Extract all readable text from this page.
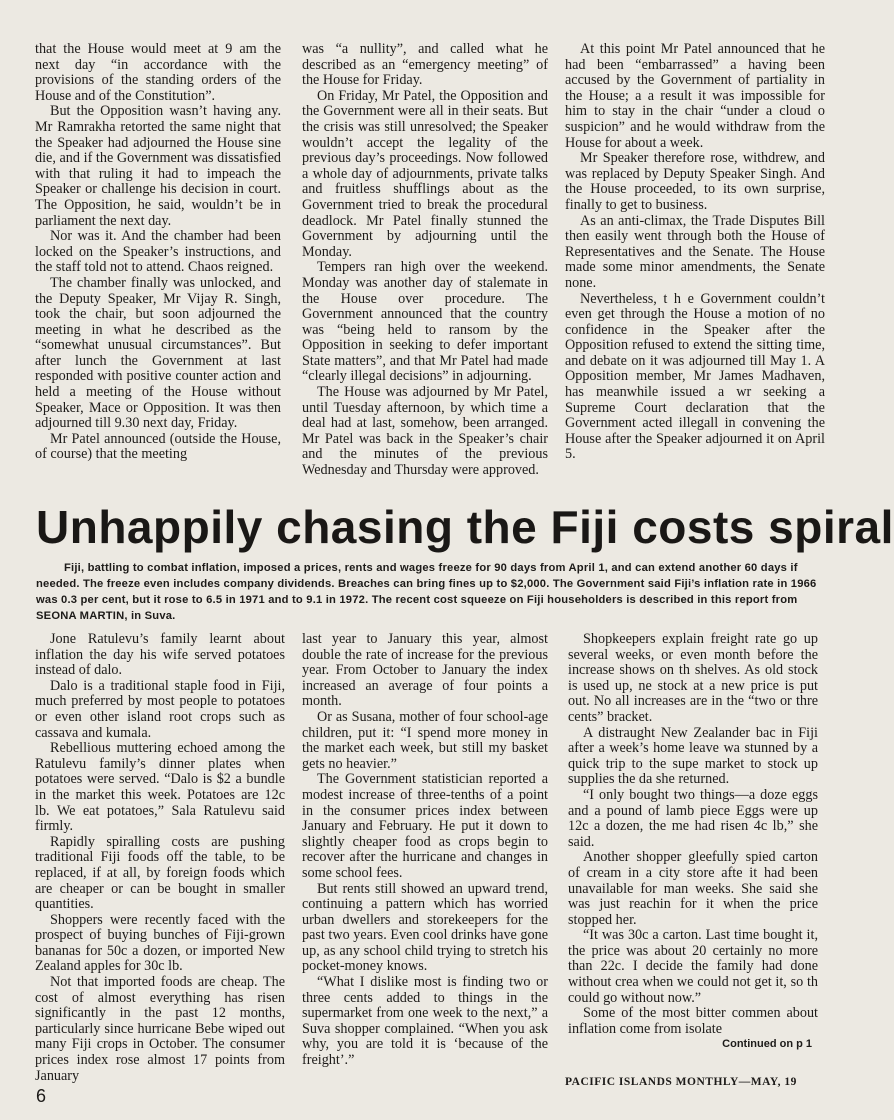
that the House would meet at 9 am the next day “in accordance with the provisions of the standing orders of the House and of the Constitution”.

But the Opposition wasn’t having any. Mr Ramrakha retorted the same night that the Speaker had adjourned the House sine die, and if the Government was dissatisfied with that ruling it had to impeach the Speaker or challenge his decision in court. The Opposition, he said, wouldn’t be in parliament the next day.

Nor was it. And the chamber had been locked on the Speaker’s instructions, and the staff told not to attend. Chaos reigned.

The chamber finally was unlocked, and the Deputy Speaker, Mr Vijay R. Singh, took the chair, but soon adjourned the meeting in what he described as the “somewhat unusual circumstances”. But after lunch the Government at last responded with positive counter action and held a meeting of the House without Speaker, Mace or Opposition. It was then adjourned till 9.30 next day, Friday.

Mr Patel announced (outside the House, of course) that the meeting

was “a nullity”, and called what he described as an “emergency meeting” of the House for Friday.

On Friday, Mr Patel, the Opposition and the Government were all in their seats. But the crisis was still unresolved; the Speaker wouldn’t accept the legality of the previous day’s proceedings. Now followed a whole day of adjournments, private talks and fruitless shufflings about as the Government tried to break the procedural deadlock. Mr Patel finally stunned the Government by adjourning until the Monday.

Tempers ran high over the weekend. Monday was another day of stalemate in the House over procedure. The Government announced that the country was “being held to ransom by the Opposition in seeking to defer important State matters”, and that Mr Patel had made “clearly illegal decisions” in adjourning.

The House was adjourned by Mr Patel, until Tuesday afternoon, by which time a deal had at last, somehow, been arranged. Mr Patel was back in the Speaker’s chair and the minutes of the previous Wednesday and Thursday were approved.

At this point Mr Patel announced that he had been “embarrassed” a having been accused by the Government of partiality in the House; a a result it was impossible for him to stay in the chair “under a cloud o suspicion” and he would withdraw from the House for about a week.

Mr Speaker therefore rose, withdrew, and was replaced by Deputy Speaker Singh. And the House proceeded, to its own surprise, finally to get to business.

As an anti-climax, the Trade Disputes Bill then easily went through both the House of Representatives and the Senate. The House made some minor amendments, the Senate none.

Nevertheless, t h e Government couldn’t even get through the House a motion of no confidence in the Speaker after the Opposition refused to extend the sitting time, and debate on it was adjourned till May 1. A Opposition member, Mr James Madhaven, has meanwhile issued a wr seeking a Supreme Court declaration that the Government acted illegall in convening the House after the Speaker adjourned it on April 5.

Unhappily chasing the Fiji costs spiral

Fiji, battling to combat inflation, imposed a prices, rents and wages freeze for 90 days from April 1, and can extend another 60 days if needed. The freeze even includes company dividends. Breaches can bring fines up to $2,000. The Government said Fiji’s inflation rate in 1966 was 0.3 per cent, but it rose to 6.5 in 1971 and to 9.1 in 1972. The recent cost squeeze on Fiji householders is described in this report from SEONA MARTIN, in Suva.

Jone Ratulevu’s family learnt about inflation the day his wife served potatoes instead of dalo.

Dalo is a traditional staple food in Fiji, much preferred by most people to potatoes or even other island root crops such as cassava and kumala.

Rebellious muttering echoed among the Ratulevu family’s dinner plates when potatoes were served. “Dalo is $2 a bundle in the market this week. Potatoes are 12c lb. We eat potatoes,” Sala Ratulevu said firmly.

Rapidly spiralling costs are pushing traditional Fiji foods off the table, to be replaced, if at all, by foreign foods which are cheaper or can be bought in smaller quantities.

Shoppers were recently faced with the prospect of buying bunches of Fiji-grown bananas for 50c a dozen, or imported New Zealand apples for 30c lb.

Not that imported foods are cheap. The cost of almost everything has risen significantly in the past 12 months, particularly since hurricane Bebe wiped out many Fiji crops in October. The consumer prices index rose almost 17 points from January

last year to January this year, almost double the rate of increase for the previous year. From October to January the index increased an average of four points a month.

Or as Susana, mother of four school-age children, put it: “I spend more money in the market each week, but still my basket gets no heavier.”

The Government statistician reported a modest increase of three-tenths of a point in the consumer prices index between January and February. He put it down to slightly cheaper food as crops begin to recover after the hurricane and changes in some school fees.

But rents still showed an upward trend, continuing a pattern which has worried urban dwellers and storekeepers for the past two years. Even cool drinks have gone up, as any school child trying to stretch his pocket-money knows.

“What I dislike most is finding two or three cents added to things in the supermarket from one week to the next,” a Suva shopper complained. “When you ask why, you are told it is ‘because of the freight’.”

Shopkeepers explain freight rate go up several weeks, or even month before the increase shows on th shelves. As old stock is used up, ne stock at a new price is put out. No all increases are in the “two or thre cents” bracket.

A distraught New Zealander bac in Fiji after a week’s home leave wa stunned by a quick trip to the supe market to stock up supplies the da she returned.

“I only bought two things—a doze eggs and a pound of lamb piece Eggs were up 12c a dozen, the me had risen 4c lb,” she said.

Another shopper gleefully spied carton of cream in a city store afte it had been unavailable for man weeks. She said she was just reachin for it when the price stopped her.

“It was 30c a carton. Last time bought it, the price was about 20 certainly no more than 22c. I decide the family had done without crea when we could not get it, so th could go without now.”

Some of the most bitter commen about inflation come from isolate

Continued on p 1
PACIFIC ISLANDS MONTHLY—MAY, 19
6
